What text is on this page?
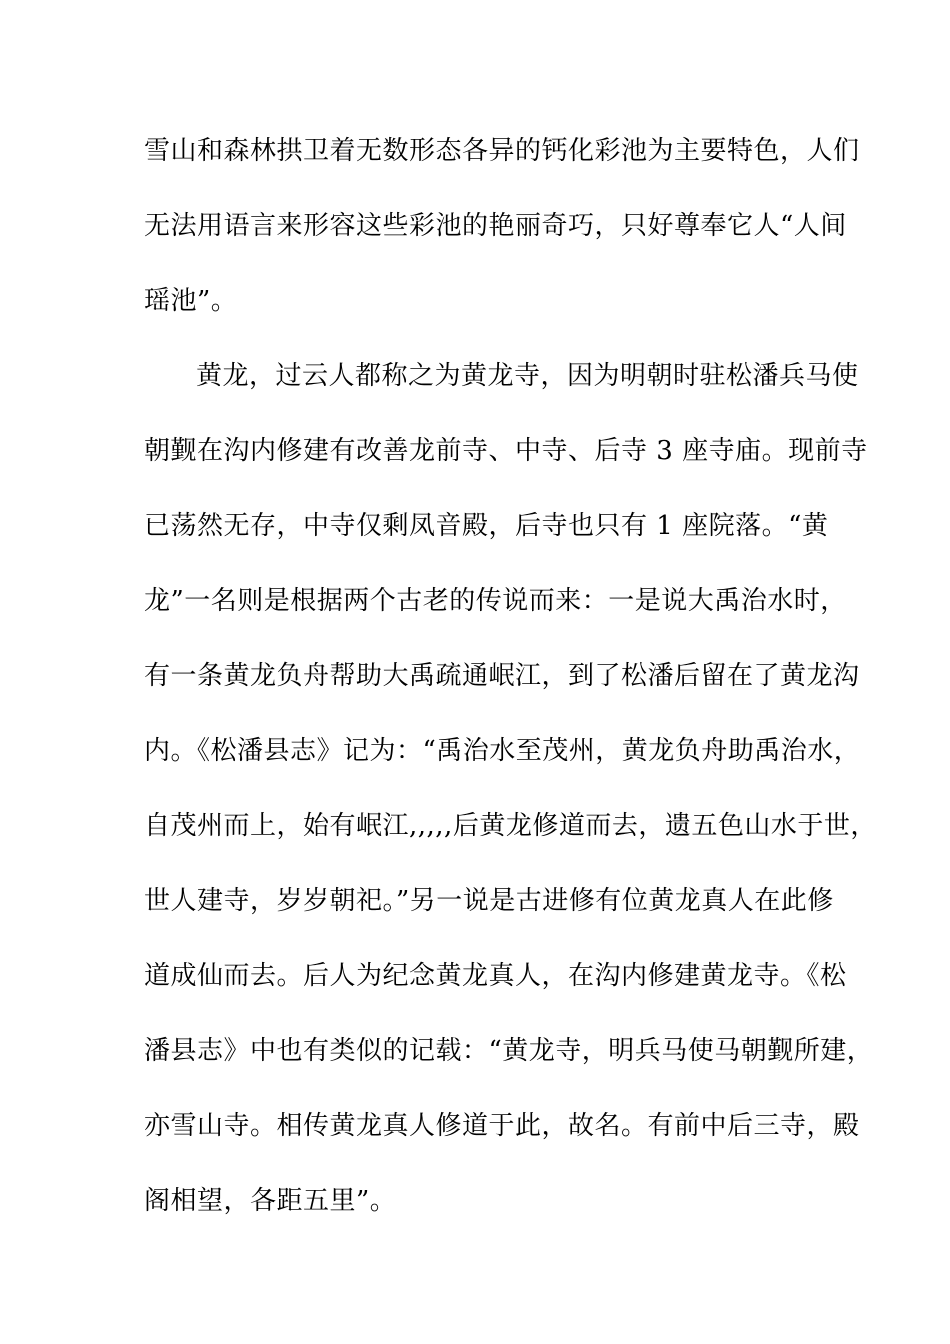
雪山和森林拱卫着无数形态各异的钙化彩池为主要特色，人们
无法用语言来形容这些彩池的艳丽奇巧，只好尊奉它人“人间
瑶池”。
黄龙，过云人都称之为黄龙寺，因为明朝时驻松潘兵马使
朝觐在沟内修建有改善龙前寺、中寺、后寺 3 座寺庙。现前寺
已荡然无存，中寺仅剩凤音殿，后寺也只有 1 座院落。“黄
龙”一名则是根据两个古老的传说而来：一是说大禹治水时，
有一条黄龙负舟帮助大禹疏通岷江，到了松潘后留在了黄龙沟
内。《松潘县志》记为：“禹治水至茂州，黄龙负舟助禹治水，
自茂州而上，始有岷江,,,,,后黄龙修道而去，遗五色山水于世，
世人建寺，岁岁朝祀。”另一说是古进修有位黄龙真人在此修
道成仙而去。后人为纪念黄龙真人，在沟内修建黄龙寺。《松
潘县志》中也有类似的记载：“黄龙寺，明兵马使马朝觐所建，
亦雪山寺。相传黄龙真人修道于此，故名。有前中后三寺，殿
阁相望，各距五里”。
